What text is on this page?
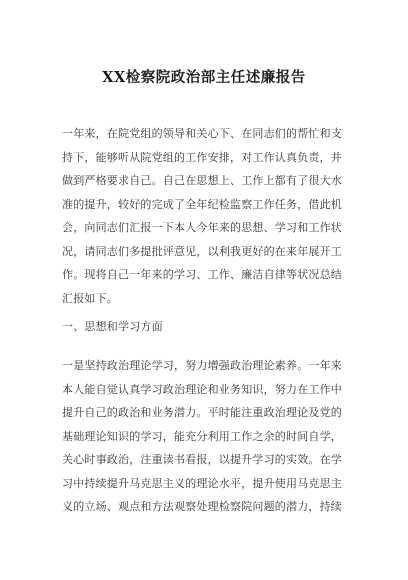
XX检察院政治部主任述廉报告
一年来，在院党组的领导和关心下、在同志们的帮忙和支
持下，能够听从院党组的工作安排，对工作认真负责，并
做到严格要求自己。自己在思想上、工作上都有了很大水
准的提升，较好的完成了全年纪检监察工作任务，借此机
会，向同志们汇报一下本人今年来的思想、学习和工作状
况，请同志们多提批评意见，以利我更好的在来年展开工
作。现将自己一年来的学习、工作、廉洁自律等状况总结
汇报如下。
一、思想和学习方面
一是坚持政治理论学习，努力增强政治理论素养。一年来
本人能自觉认真学习政治理论和业务知识，努力在工作中
提升自己的政治和业务潜力。平时能注重政治理论及党的
基础理论知识的学习，能充分利用工作之余的时间自学，
关心时事政治，注重读书看报，以提升学习的实效。在学
习中持续提升马克思主义的理论水平，提升使用马克思主
义的立场、观点和方法观察处理检察院问题的潜力，持续
